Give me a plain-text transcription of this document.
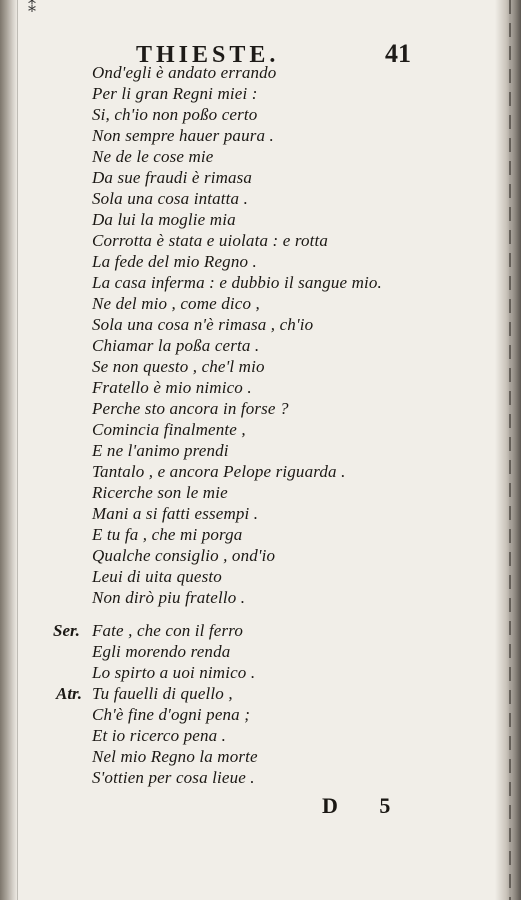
⁑
THIESTE.	41
Ser.
Atr.
Ond'egli è andato errando
Per li gran Regni miei :
Si, ch'io non poßo certo
Non sempre hauer paura .
Ne de le cose mie
Da sue fraudi è rimasa
Sola una cosa intatta .
Da lui la moglie mia
Corrotta è stata e uiolata : e rotta
La fede del mio Regno .
La casa inferma : e dubbio il sangue mio.
Ne del mio , come dico ,
Sola una cosa n'è rimasa , ch'io
Chiamar la poßa certa .
Se non questo , che'l mio
Fratello è mio nimico .
Perche sto ancora in forse ?
Comincia finalmente ,
E ne l'animo prendi
Tantalo , e ancora Pelope riguarda .
Ricerche son le mie
Mani a si fatti essempi .
E tu fa , che mi porga
Qualche consiglio , ond'io
Leui di uita questo
Non dirò piu fratello .
Fate , che con il ferro
Egli morendo renda
Lo spirto a uoi nimico .
Tu fauelli di quello ,
Ch'è fine d'ogni pena ;
Et io ricerco pena .
Nel mio Regno la morte
S'ottien per cosa lieue .
D 5
